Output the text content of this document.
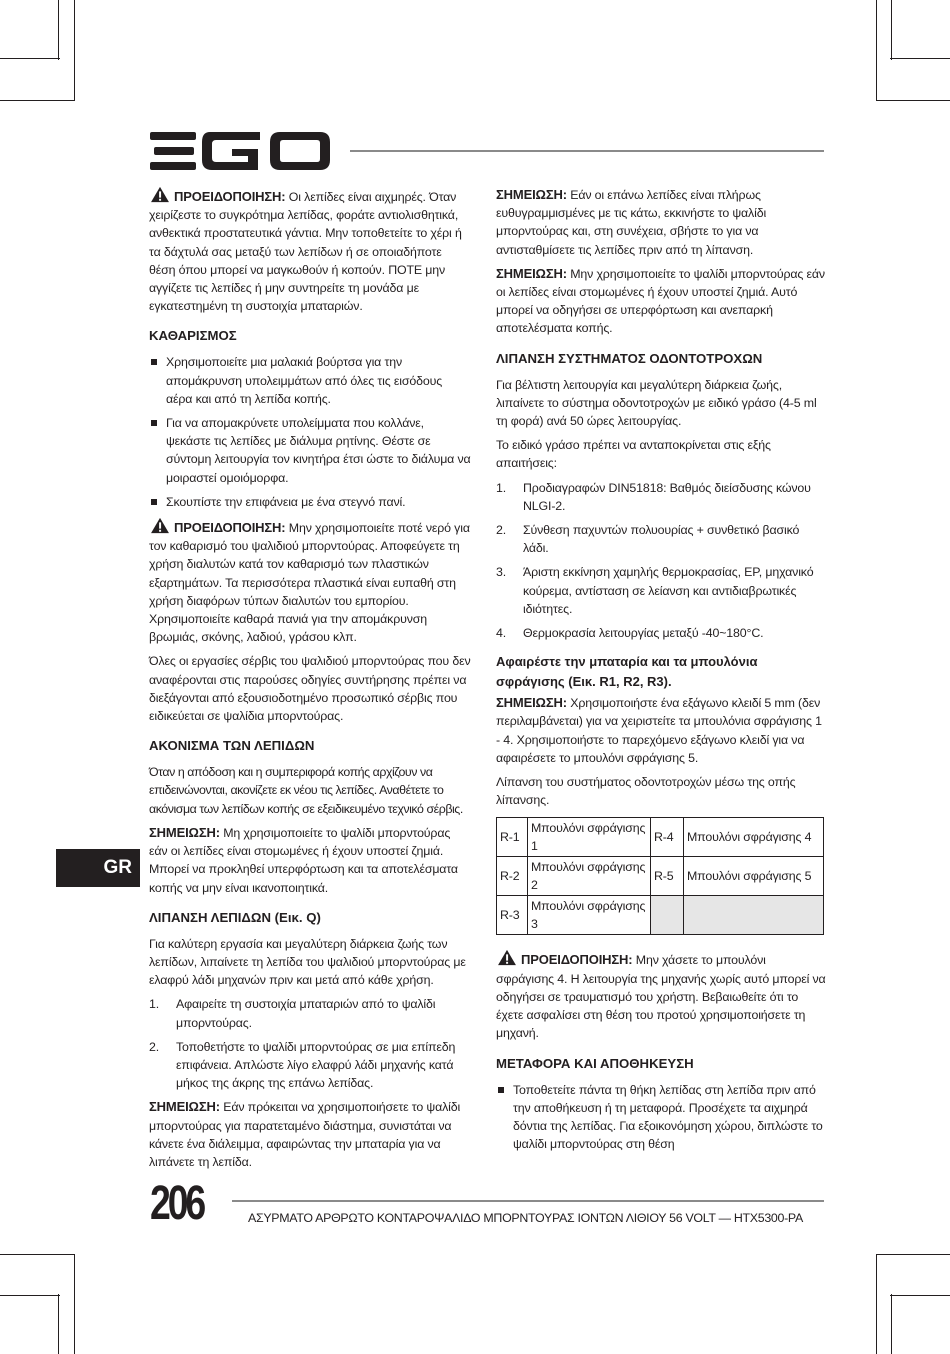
ΠΡΟΕΙΔΟΠΟΙΗΣΗ: Οι λεπίδες είναι αιχμηρές. Όταν χειρίζεστε το συγκρότημα λεπίδας, φοράτε αντιολισθητικά, ανθεκτικά προστατευτικά γάντια. Μην τοποθετείτε το χέρι ή τα δάχτυλά σας μεταξύ των λεπίδων ή σε οποιαδήποτε θέση όπου μπορεί να μαγκωθούν ή κοπούν. ΠΟΤΕ μην αγγίζετε τις λεπίδες ή μην συντηρείτε τη μονάδα με εγκατεστημένη τη συστοιχία μπαταριών.

ΚΑΘΑΡΙΣΜΟΣ
Χρησιμοποιείτε μια μαλακιά βούρτσα για την απομάκρυνση υπολειμμάτων από όλες τις εισόδους αέρα και από τη λεπίδα κοπής.
Για να απομακρύνετε υπολείμματα που κολλάνε, ψεκάστε τις λεπίδες με διάλυμα ρητίνης. Θέστε σε σύντομη λειτουργία τον κινητήρα έτσι ώστε το διάλυμα να μοιραστεί ομοιόμορφα.
Σκουπίστε την επιφάνεια με ένα στεγνό πανί.

ΠΡΟΕΙΔΟΠΟΙΗΣΗ: Μην χρησιμοποιείτε ποτέ νερό για τον καθαρισμό του ψαλιδιού μπορντούρας. Αποφεύγετε τη χρήση διαλυτών κατά τον καθαρισμό των πλαστικών εξαρτημάτων. Τα περισσότερα πλαστικά είναι ευπαθή στη χρήση διαφόρων τύπων διαλυτών του εμπορίου. Χρησιμοποιείτε καθαρά πανιά για την απομάκρυνση βρωμιάς, σκόνης, λαδιού, γράσου κλπ.

Όλες οι εργασίες σέρβις του ψαλιδιού μπορντούρας που δεν αναφέρονται στις παρούσες οδηγίες συντήρησης πρέπει να διεξάγονται από εξουσιοδοτημένο προσωπικό σέρβις που ειδικεύεται σε ψαλίδια μπορντούρας.

ΑΚΟΝΙΣΜΑ ΤΩΝ ΛΕΠΙΔΩΝ

Όταν η απόδοση και η συμπεριφορά κοπής αρχίζουν να επιδεινώνονται, ακονίζετε εκ νέου τις λεπίδες. Αναθέτετε το ακόνισμα των λεπίδων κοπής σε εξειδικευμένο τεχνικό σέρβις.

ΣΗΜΕΙΩΣΗ: Μη χρησιμοποιείτε το ψαλίδι μπορντούρας εάν οι λεπίδες είναι στομωμένες ή έχουν υποστεί ζημιά. Μπορεί να προκληθεί υπερφόρτωση και τα αποτελέσματα κοπής να μην είναι ικανοποιητικά.

ΛΙΠΑΝΣΗ ΛΕΠΙΔΩΝ (Εικ. Q)

Για καλύτερη εργασία και μεγαλύτερη διάρκεια ζωής των λεπίδων, λιπαίνετε τη λεπίδα του ψαλιδιού μπορντούρας με ελαφρύ λάδι μηχανών πριν και μετά από κάθε χρήση.

1. Αφαιρείτε τη συστοιχία μπαταριών από το ψαλίδι μπορντούρας.
2. Τοποθετήστε το ψαλίδι μπορντούρας σε μια επίπεδη επιφάνεια. Απλώστε λίγο ελαφρύ λάδι μηχανής κατά μήκος της άκρης της επάνω λεπίδας.

ΣΗΜΕΙΩΣΗ: Εάν πρόκειται να χρησιμοποιήσετε το ψαλίδι μπορντούρας για παρατεταμένο διάστημα, συνιστάται να κάνετε ένα διάλειμμα, αφαιρώντας την μπαταρία για να λιπάνετε τη λεπίδα.

ΣΗΜΕΙΩΣΗ: Εάν οι επάνω λεπίδες είναι πλήρως ευθυγραμμισμένες με τις κάτω, εκκινήστε το ψαλίδι μπορντούρας και, στη συνέχεια, σβήστε το για να αντισταθμίσετε τις λεπίδες πριν από τη λίπανση.

ΣΗΜΕΙΩΣΗ: Μην χρησιμοποιείτε το ψαλίδι μπορντούρας εάν οι λεπίδες είναι στομωμένες ή έχουν υποστεί ζημιά. Αυτό μπορεί να οδηγήσει σε υπερφόρτωση και ανεπαρκή αποτελέσματα κοπής.

ΛΙΠΑΝΣΗ ΣΥΣΤΗΜΑΤΟΣ ΟΔΟΝΤΟΤΡΟΧΩΝ

Για βέλτιστη λειτουργία και μεγαλύτερη διάρκεια ζωής, λιπαίνετε το σύστημα οδοντοτροχών με ειδικό γράσο (4-5 ml τη φορά) ανά 50 ώρες λειτουργίας.

Το ειδικό γράσο πρέπει να ανταποκρίνεται στις εξής απαιτήσεις:

1. Προδιαγραφών DIN51818: Βαθμός διείσδυσης κώνου NLGI-2.
2. Σύνθεση παχυντών πολυουρίας + συνθετικό βασικό λάδι.
3. Άριστη εκκίνηση χαμηλής θερμοκρασίας, ΕΡ, μηχανικό κούρεμα, αντίσταση σε λείανση και αντιδιαβρωτικές ιδιότητες.
4. Θερμοκρασία λειτουργίας μεταξύ -40~180°C.
Αφαιρέστε την μπαταρία και τα μπουλόνια σφράγισης (Εικ. R1, R2, R3).

ΣΗΜΕΙΩΣΗ: Χρησιμοποιήστε ένα εξάγωνο κλειδί 5 mm (δεν περιλαμβάνεται) για να χειριστείτε τα μπουλόνια σφράγισης 1 - 4. Χρησιμοποιήστε το παρεχόμενο εξάγωνο κλειδί για να αφαιρέσετε το μπουλόνι σφράγισης 5.

Λίπανση του συστήματος οδοντοτροχών μέσω της οπής λίπανσης.

R-1	Μπουλόνι σφράγισης 1	R-4	Μπουλόνι σφράγισης 4
R-2	Μπουλόνι σφράγισης 2	R-5	Μπουλόνι σφράγισης 5
R-3	Μπουλόνι σφράγισης 3		

ΠΡΟΕΙΔΟΠΟΙΗΣΗ: Μην χάσετε το μπουλόνι σφράγισης 4. Η λειτουργία της μηχανής χωρίς αυτό μπορεί να οδηγήσει σε τραυματισμό του χρήστη. Βεβαιωθείτε ότι το έχετε ασφαλίσει στη θέση του προτού χρησιμοποιήσετε τη μηχανή.

ΜΕΤΑΦΟΡΑ ΚΑΙ ΑΠΟΘΗΚΕΥΣΗ
Τοποθετείτε πάντα τη θήκη λεπίδας στη λεπίδα πριν από την αποθήκευση ή τη μεταφορά. Προσέχετε τα αιχμηρά δόντια της λεπίδας. Για εξοικονόμηση χώρου, διπλώστε το ψαλίδι μπορντούρας στη θέση
GR
206	ΑΣΥΡΜΑΤΟ ΑΡΘΡΩΤΟ ΚΟΝΤΑΡΟΨΑΛΙΔΟ ΜΠΟΡΝΤΟΥΡΑΣ ΙΟΝΤΩΝ ΛΙΘΙΟΥ 56 VOLT — HTX5300-PA
